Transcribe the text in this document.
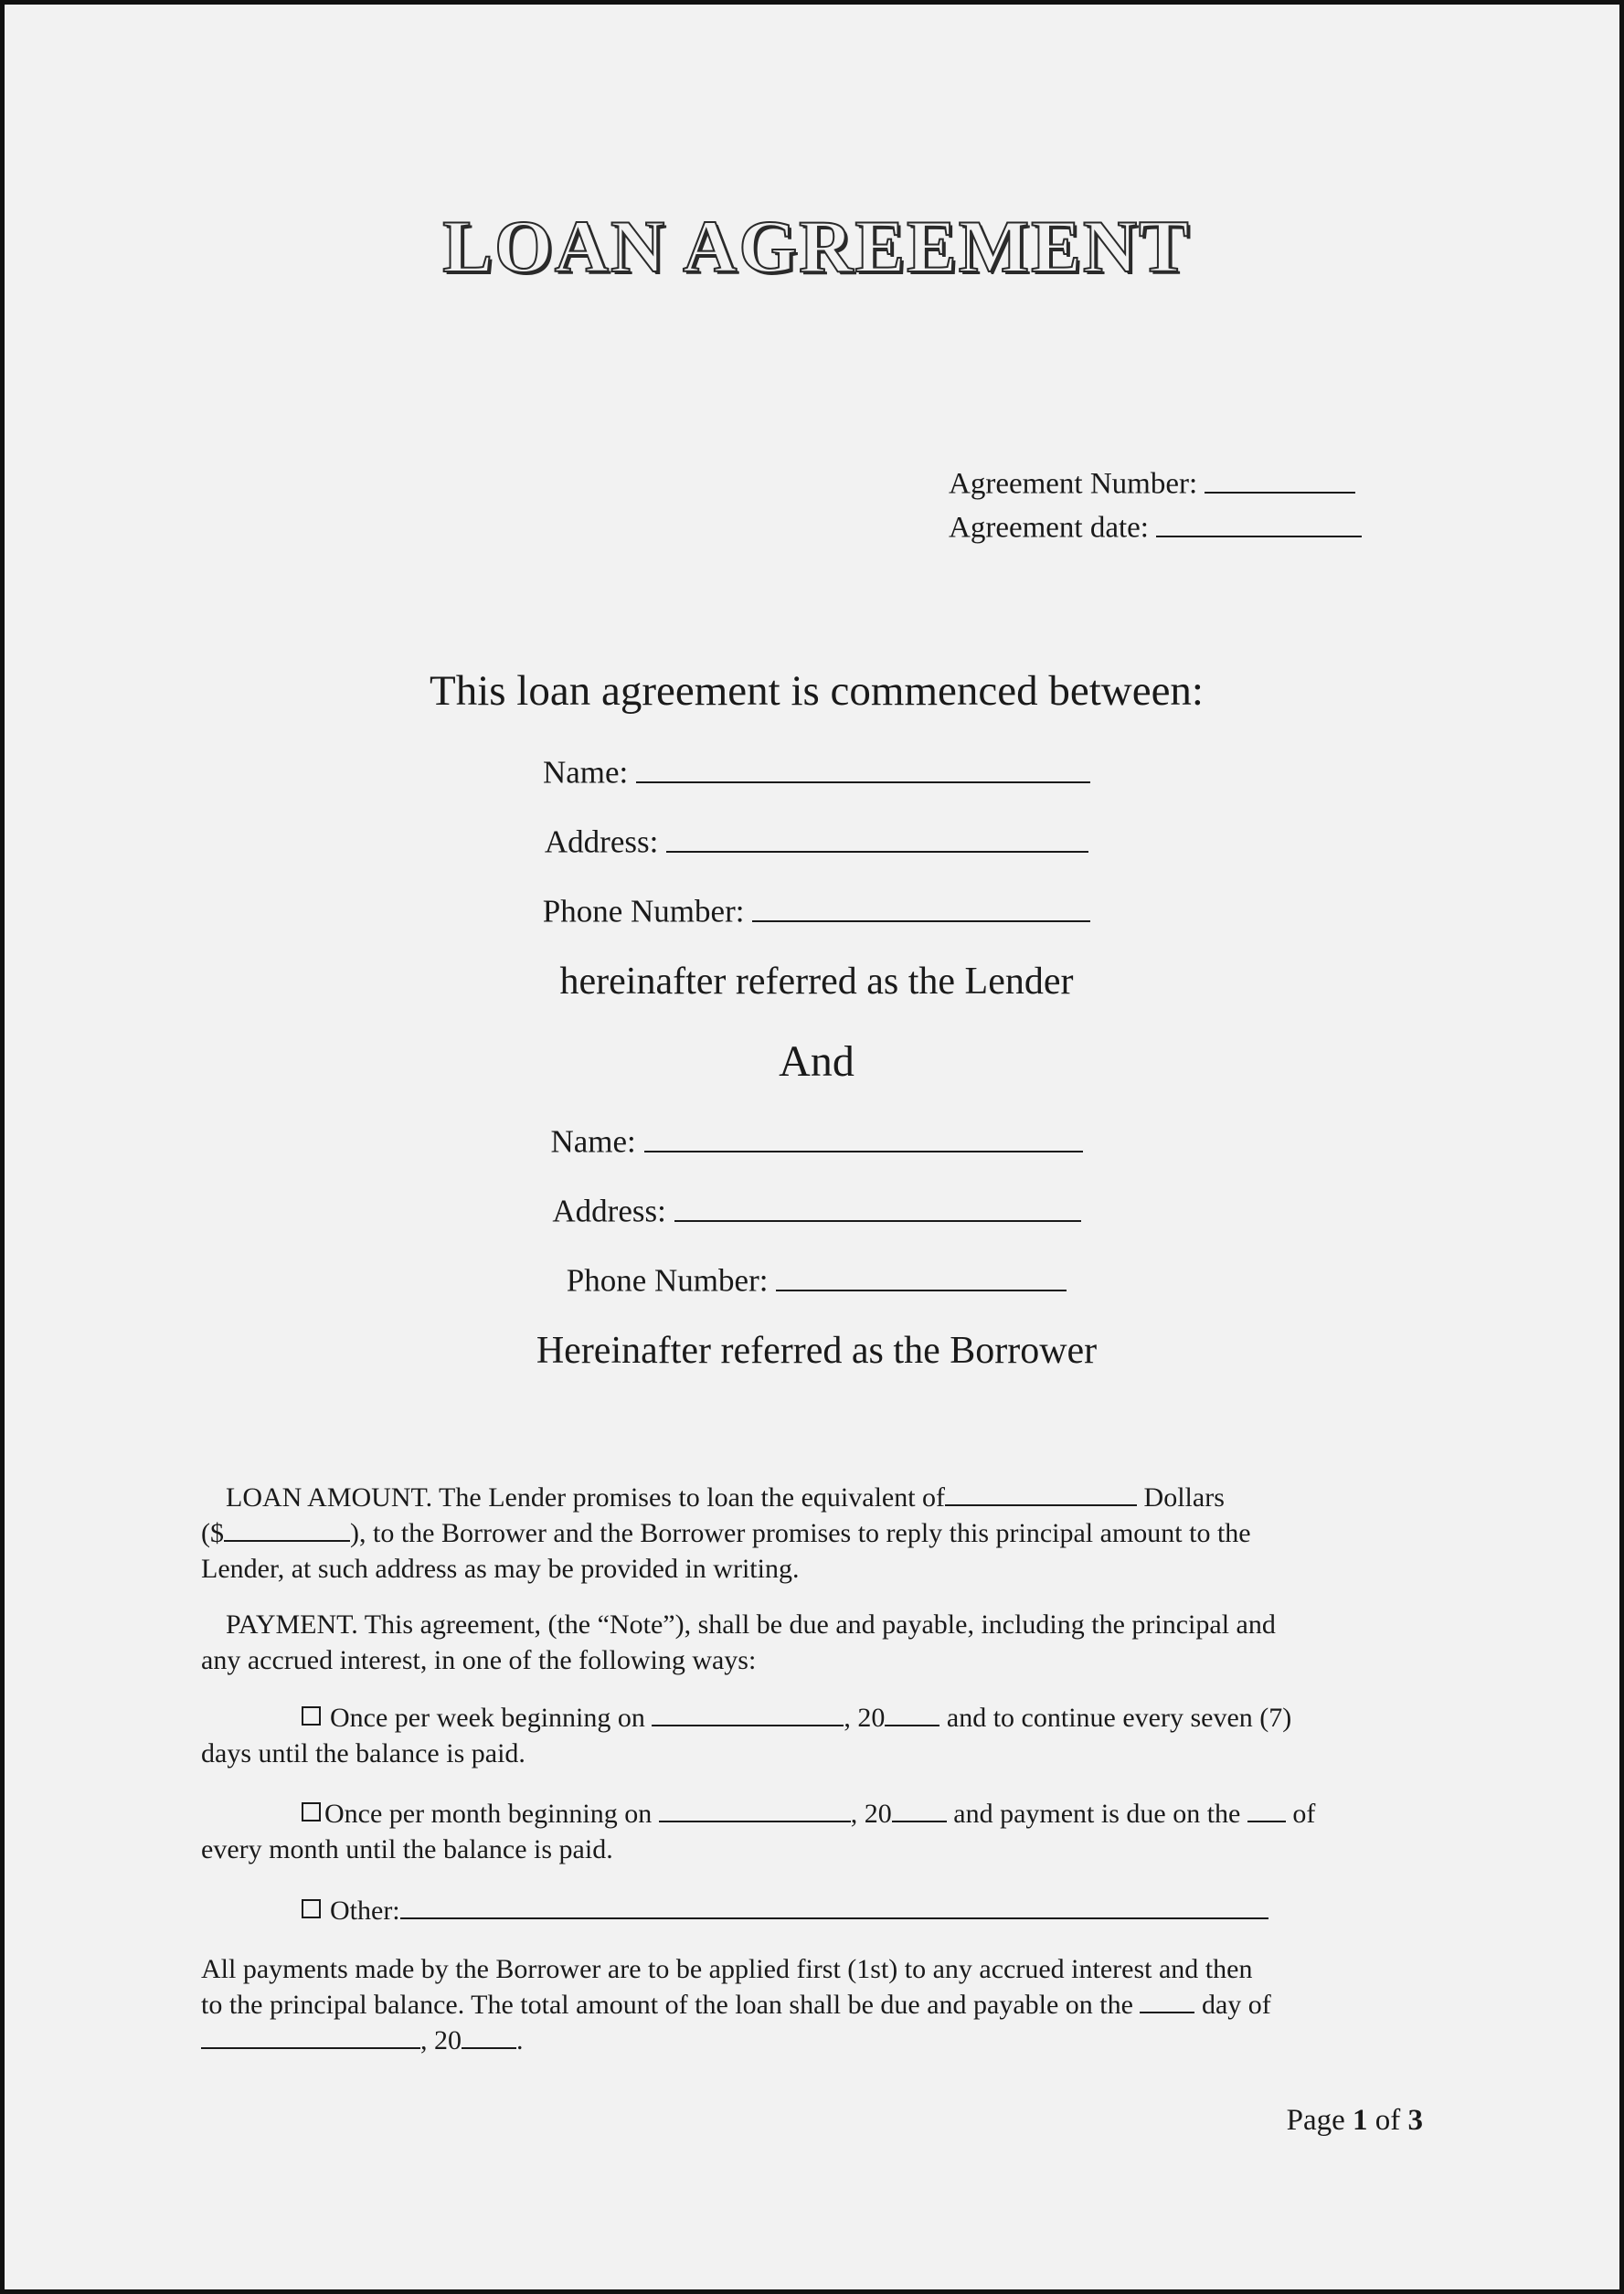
LOAN AGREEMENT
Agreement Number:
Agreement date:
This loan agreement is commenced between:
Name:
Address:
Phone Number:
hereinafter referred as the Lender
And
Name:
Address:
Phone Number:
Hereinafter referred as the Borrower
LOAN AMOUNT. The Lender promises to loan the equivalent of	Dollars
($	), to the Borrower and the Borrower promises to reply this principal amount to the
Lender, at such address as may be provided in writing.
PAYMENT. This agreement, (the “Note”), shall be due and payable, including the principal and
any accrued interest, in one of the following ways:
Once per week beginning on	, 20 and to continue every seven (7)
days until the balance is paid.
Once per month beginning on	, 20 and payment is due on the  of
every month until the balance is paid.
Other:
All payments made by the Borrower are to be applied first (1st) to any accrued interest and then
to the principal balance. The total amount of the loan shall be due and payable on the  day of
, 20 .
Page 1 of 3
